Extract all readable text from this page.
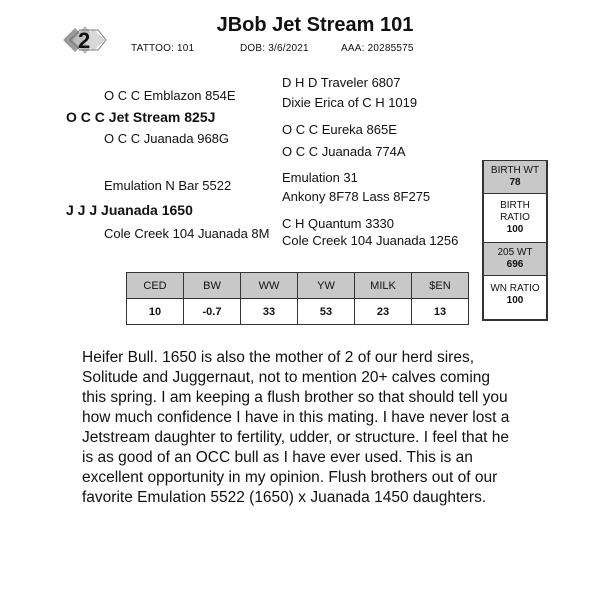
2
JBob Jet Stream 101
TATTOO: 101	DOB: 3/6/2021	AAA: 20285575
O C C Emblazon 854E
O C C Jet Stream 825J
O C C Juanada 968G
Emulation N Bar 5522
J J J Juanada 1650
Cole Creek 104 Juanada 8M
D H D Traveler 6807
Dixie Erica of C H 1019
O C C Eureka 865E
O C C Juanada 774A
Emulation 31
Ankony 8F78 Lass 8F275
C H Quantum 3330
Cole Creek 104 Juanada 1256
CED	BW	WW	YW	MILK	$EN
10	-0.7	33	53	23	13
BIRTH WT
78
BIRTH
RATIO
100
205 WT
696
WN RATIO
100
Heifer Bull. 1650 is also the mother of 2 of our herd sires, Solitude and Juggernaut, not to mention 20+ calves coming this spring. I am keeping a flush brother so that should tell you how much confidence I have in this mating. I have never lost a Jetstream daughter to fertility, udder, or structure. I feel that he is as good of an OCC bull as I have ever used. This is an excellent opportunity in my opinion. Flush brothers out of our favorite Emulation 5522 (1650) x Juanada 1450 daughters.
